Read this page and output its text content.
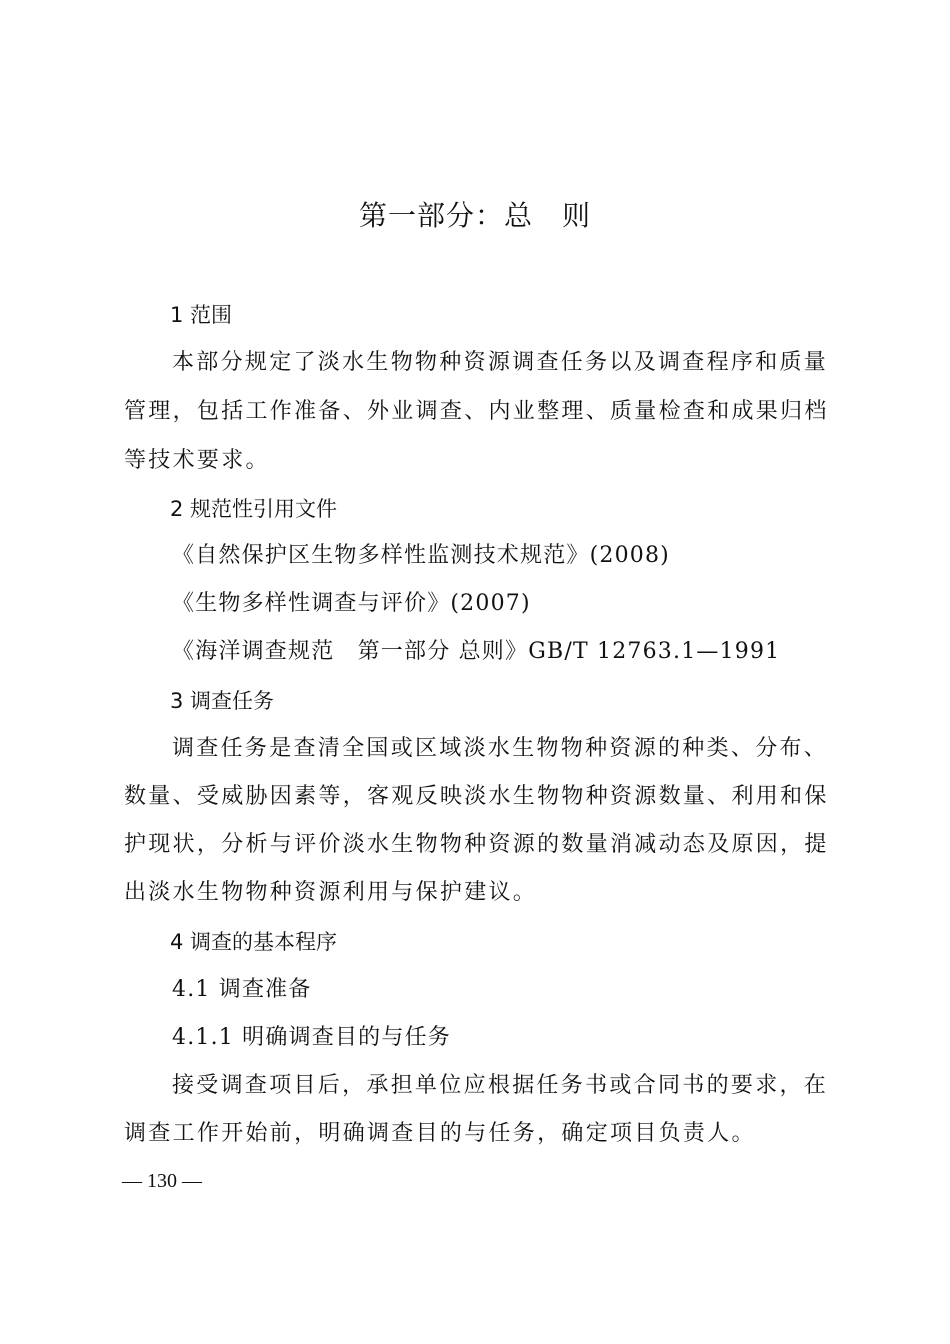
第一部分：总　则
1 范围
本部分规定了淡水生物物种资源调查任务以及调查程序和质量
管理，包括工作准备、外业调查、内业整理、质量检查和成果归档
等技术要求。
2 规范性引用文件
《自然保护区生物多样性监测技术规范》(2008)
《生物多样性调查与评价》(2007)
《海洋调查规范　第一部分 总则》GB/T 12763.1—1991
3 调查任务
调查任务是查清全国或区域淡水生物物种资源的种类、分布、
数量、受威胁因素等，客观反映淡水生物物种资源数量、利用和保
护现状，分析与评价淡水生物物种资源的数量消减动态及原因，提
出淡水生物物种资源利用与保护建议。
4 调查的基本程序
4.1 调查准备
4.1.1 明确调查目的与任务
接受调查项目后，承担单位应根据任务书或合同书的要求，在
调查工作开始前，明确调查目的与任务，确定项目负责人。
— 130 —
